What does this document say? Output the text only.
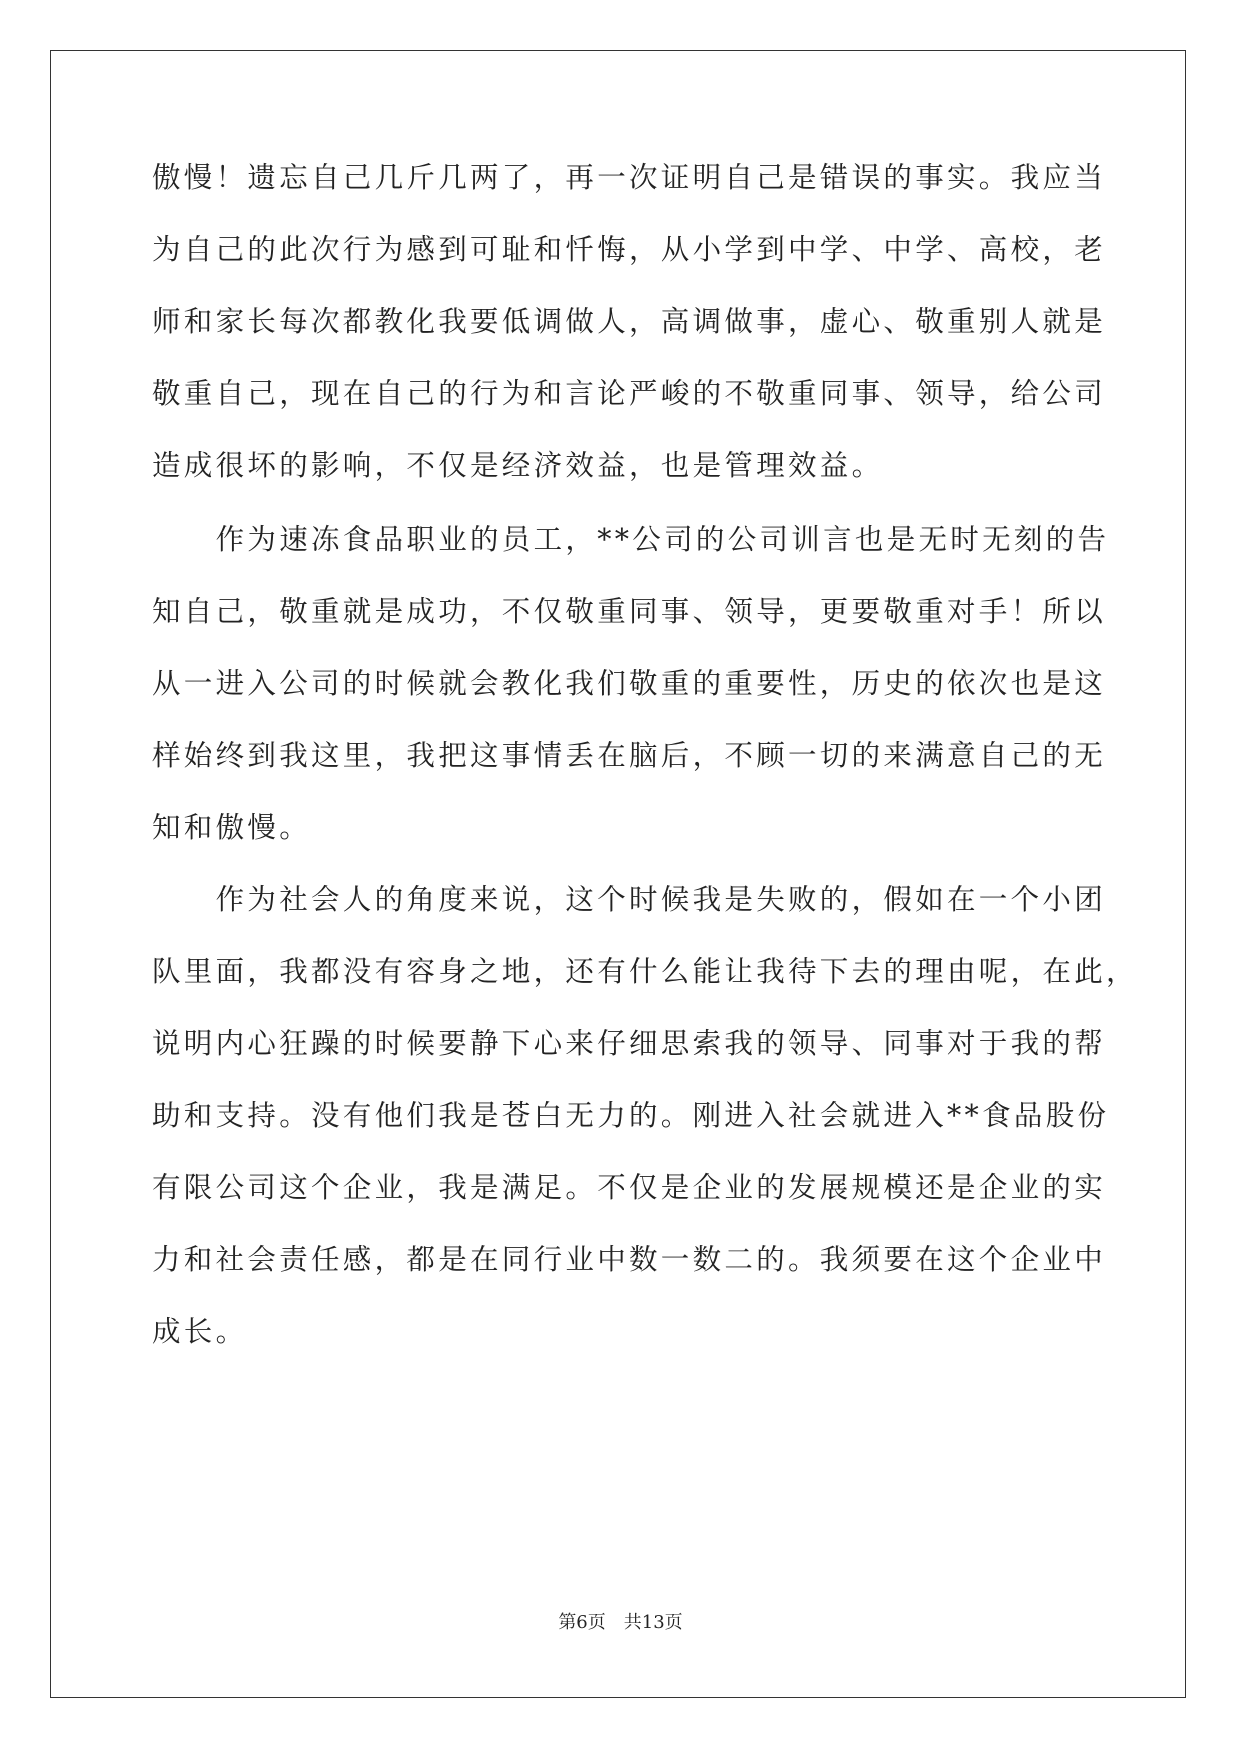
傲慢！遗忘自己几斤几两了，再一次证明自己是错误的事实。我应当
为自己的此次行为感到可耻和忏悔，从小学到中学、中学、高校，老
师和家长每次都教化我要低调做人，高调做事，虚心、敬重别人就是
敬重自己，现在自己的行为和言论严峻的不敬重同事、领导，给公司
造成很坏的影响，不仅是经济效益，也是管理效益。
　　作为速冻食品职业的员工，**公司的公司训言也是无时无刻的告
知自己，敬重就是成功，不仅敬重同事、领导，更要敬重对手！所以
从一进入公司的时候就会教化我们敬重的重要性，历史的依次也是这
样始终到我这里，我把这事情丢在脑后，不顾一切的来满意自己的无
知和傲慢。
　　作为社会人的角度来说，这个时候我是失败的，假如在一个小团
队里面，我都没有容身之地，还有什么能让我待下去的理由呢，在此，
说明内心狂躁的时候要静下心来仔细思索我的领导、同事对于我的帮
助和支持。没有他们我是苍白无力的。刚进入社会就进入**食品股份
有限公司这个企业，我是满足。不仅是企业的发展规模还是企业的实
力和社会责任感，都是在同行业中数一数二的。我须要在这个企业中
成长。
第6页 共13页
